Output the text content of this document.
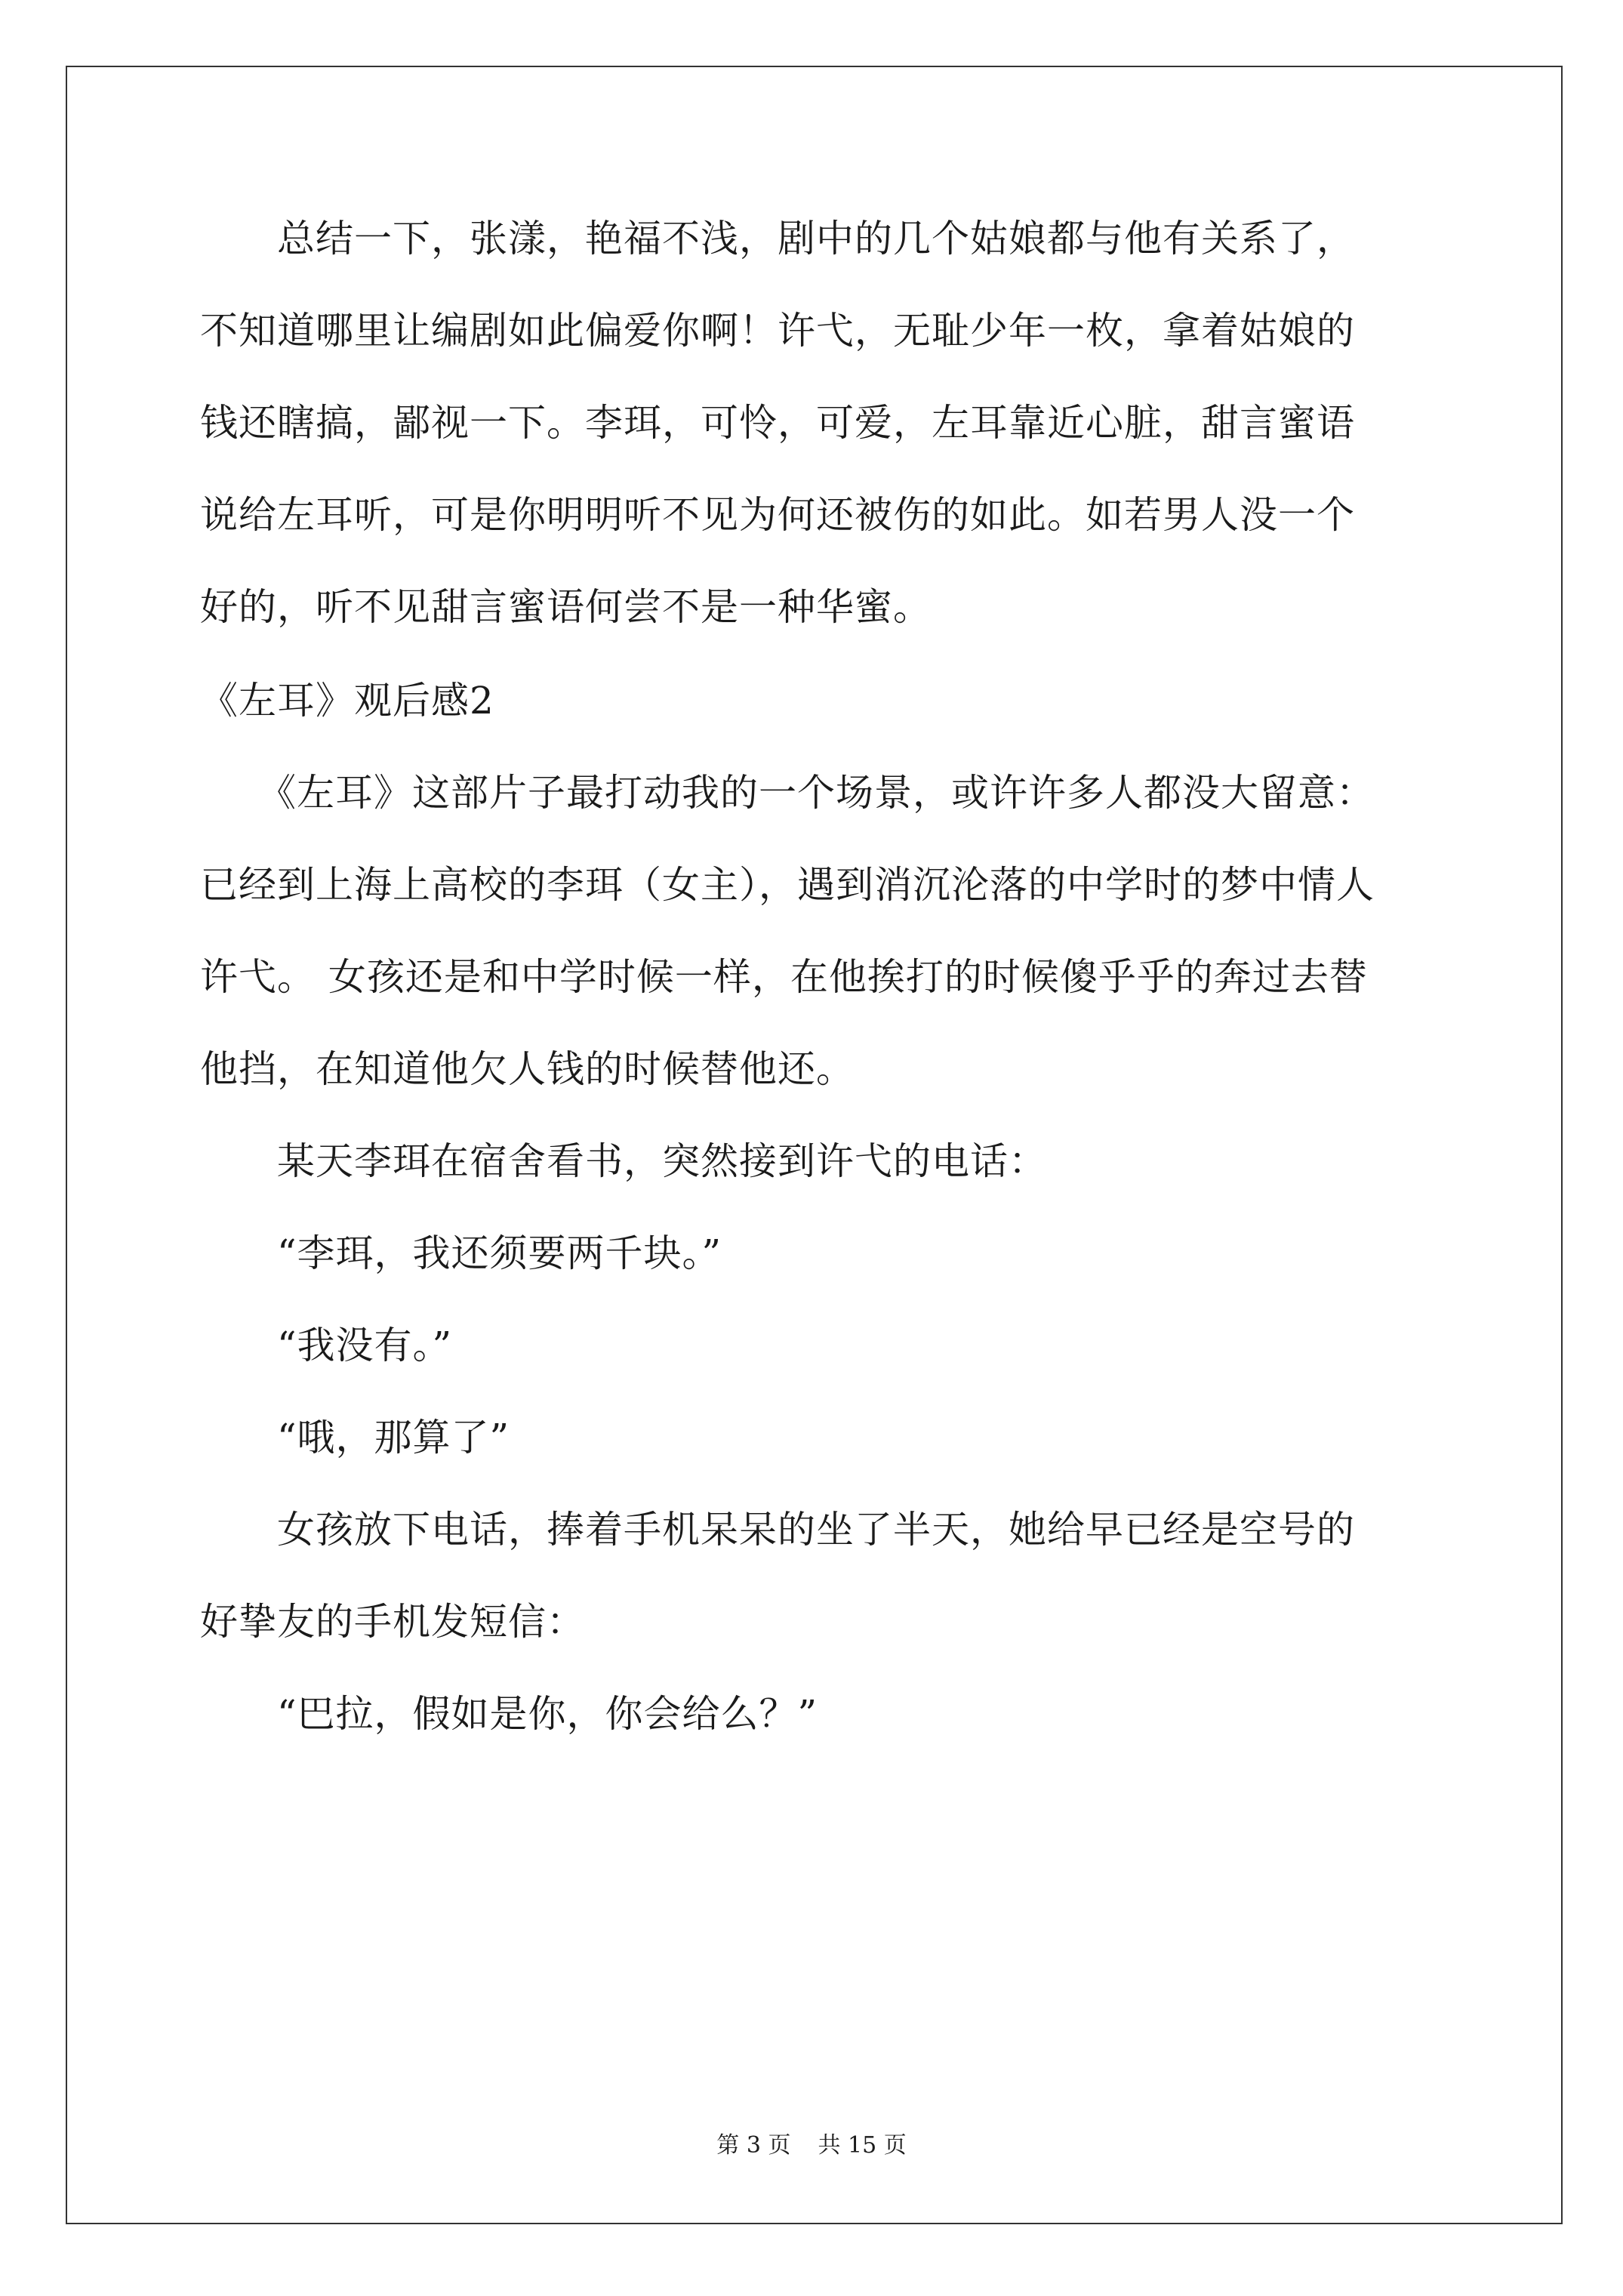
　　总结一下，张漾，艳福不浅，剧中的几个姑娘都与他有关系了，
不知道哪里让编剧如此偏爱你啊！许弋，无耻少年一枚，拿着姑娘的
钱还瞎搞，鄙视一下。李珥，可怜，可爱，左耳靠近心脏，甜言蜜语
说给左耳听，可是你明明听不见为何还被伤的如此。如若男人没一个
好的，听不见甜言蜜语何尝不是一种华蜜。
《左耳》观后感2
　　《左耳》这部片子最打动我的一个场景，或许许多人都没大留意：
已经到上海上高校的李珥（女主），遇到消沉沦落的中学时的梦中情人
许弋。 女孩还是和中学时候一样，在他挨打的时候傻乎乎的奔过去替
他挡，在知道他欠人钱的时候替他还。
　　某天李珥在宿舍看书，突然接到许弋的电话：
　　“李珥，我还须要两千块。”
　　“我没有。”
　　“哦，那算了”
　　女孩放下电话，捧着手机呆呆的坐了半天，她给早已经是空号的
好挚友的手机发短信：
　　“巴拉，假如是你，你会给么？”
第 3 页 共 15 页
